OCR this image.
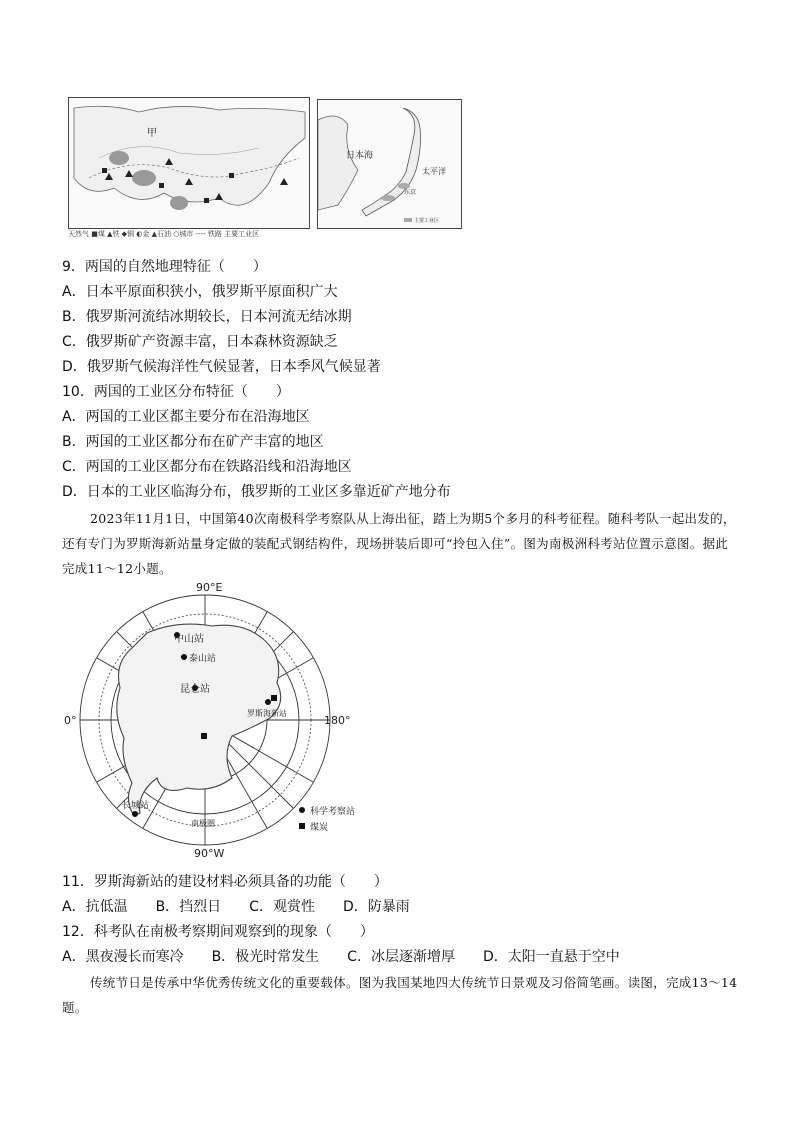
甲
天然气 ■煤 ▲铁 ◆铜 ◐金 ▲石油 ○城市 ---- 铁路 主要工业区
日本海
太平洋
东京
主要工业区
9．两国的自然地理特征（　　）
A．日本平原面积狭小，俄罗斯平原面积广大
B．俄罗斯河流结冰期较长，日本河流无结冰期
C．俄罗斯矿产资源丰富，日本森林资源缺乏
D．俄罗斯气候海洋性气候显著，日本季风气候显著
10．两国的工业区分布特征（　　）
A．两国的工业区都主要分布在沿海地区
B．两国的工业区都分布在矿产丰富的地区
C．两国的工业区都分布在铁路沿线和沿海地区
D．日本的工业区临海分布，俄罗斯的工业区多靠近矿产地分布
2023年11月1日，中国第40次南极科学考察队从上海出征，踏上为期5个多月的科考征程。随科考队一起出发的，还有专门为罗斯海新站量身定做的装配式钢结构件，现场拼装后即可“拎包入住”。图为南极洲科考站位置示意图。据此完成11～12小题。
90°E
90°W
0°	180°
中山站
泰山站
昆仑站
罗斯海新站
长城站
南极圈
科学考察站
煤炭
11．罗斯海新站的建设材料必须具备的功能（　　）
A．抗低温　　B．挡烈日　　C．观赏性　　D．防暴雨
12．科考队在南极考察期间观察到的现象（　　）
A．黑夜漫长而寒冷　　B．极光时常发生　　C．冰层逐渐增厚　　D．太阳一直悬于空中
传统节日是传承中华优秀传统文化的重要载体。图为我国某地四大传统节日景观及习俗简笔画。读图，完成13～14题。
